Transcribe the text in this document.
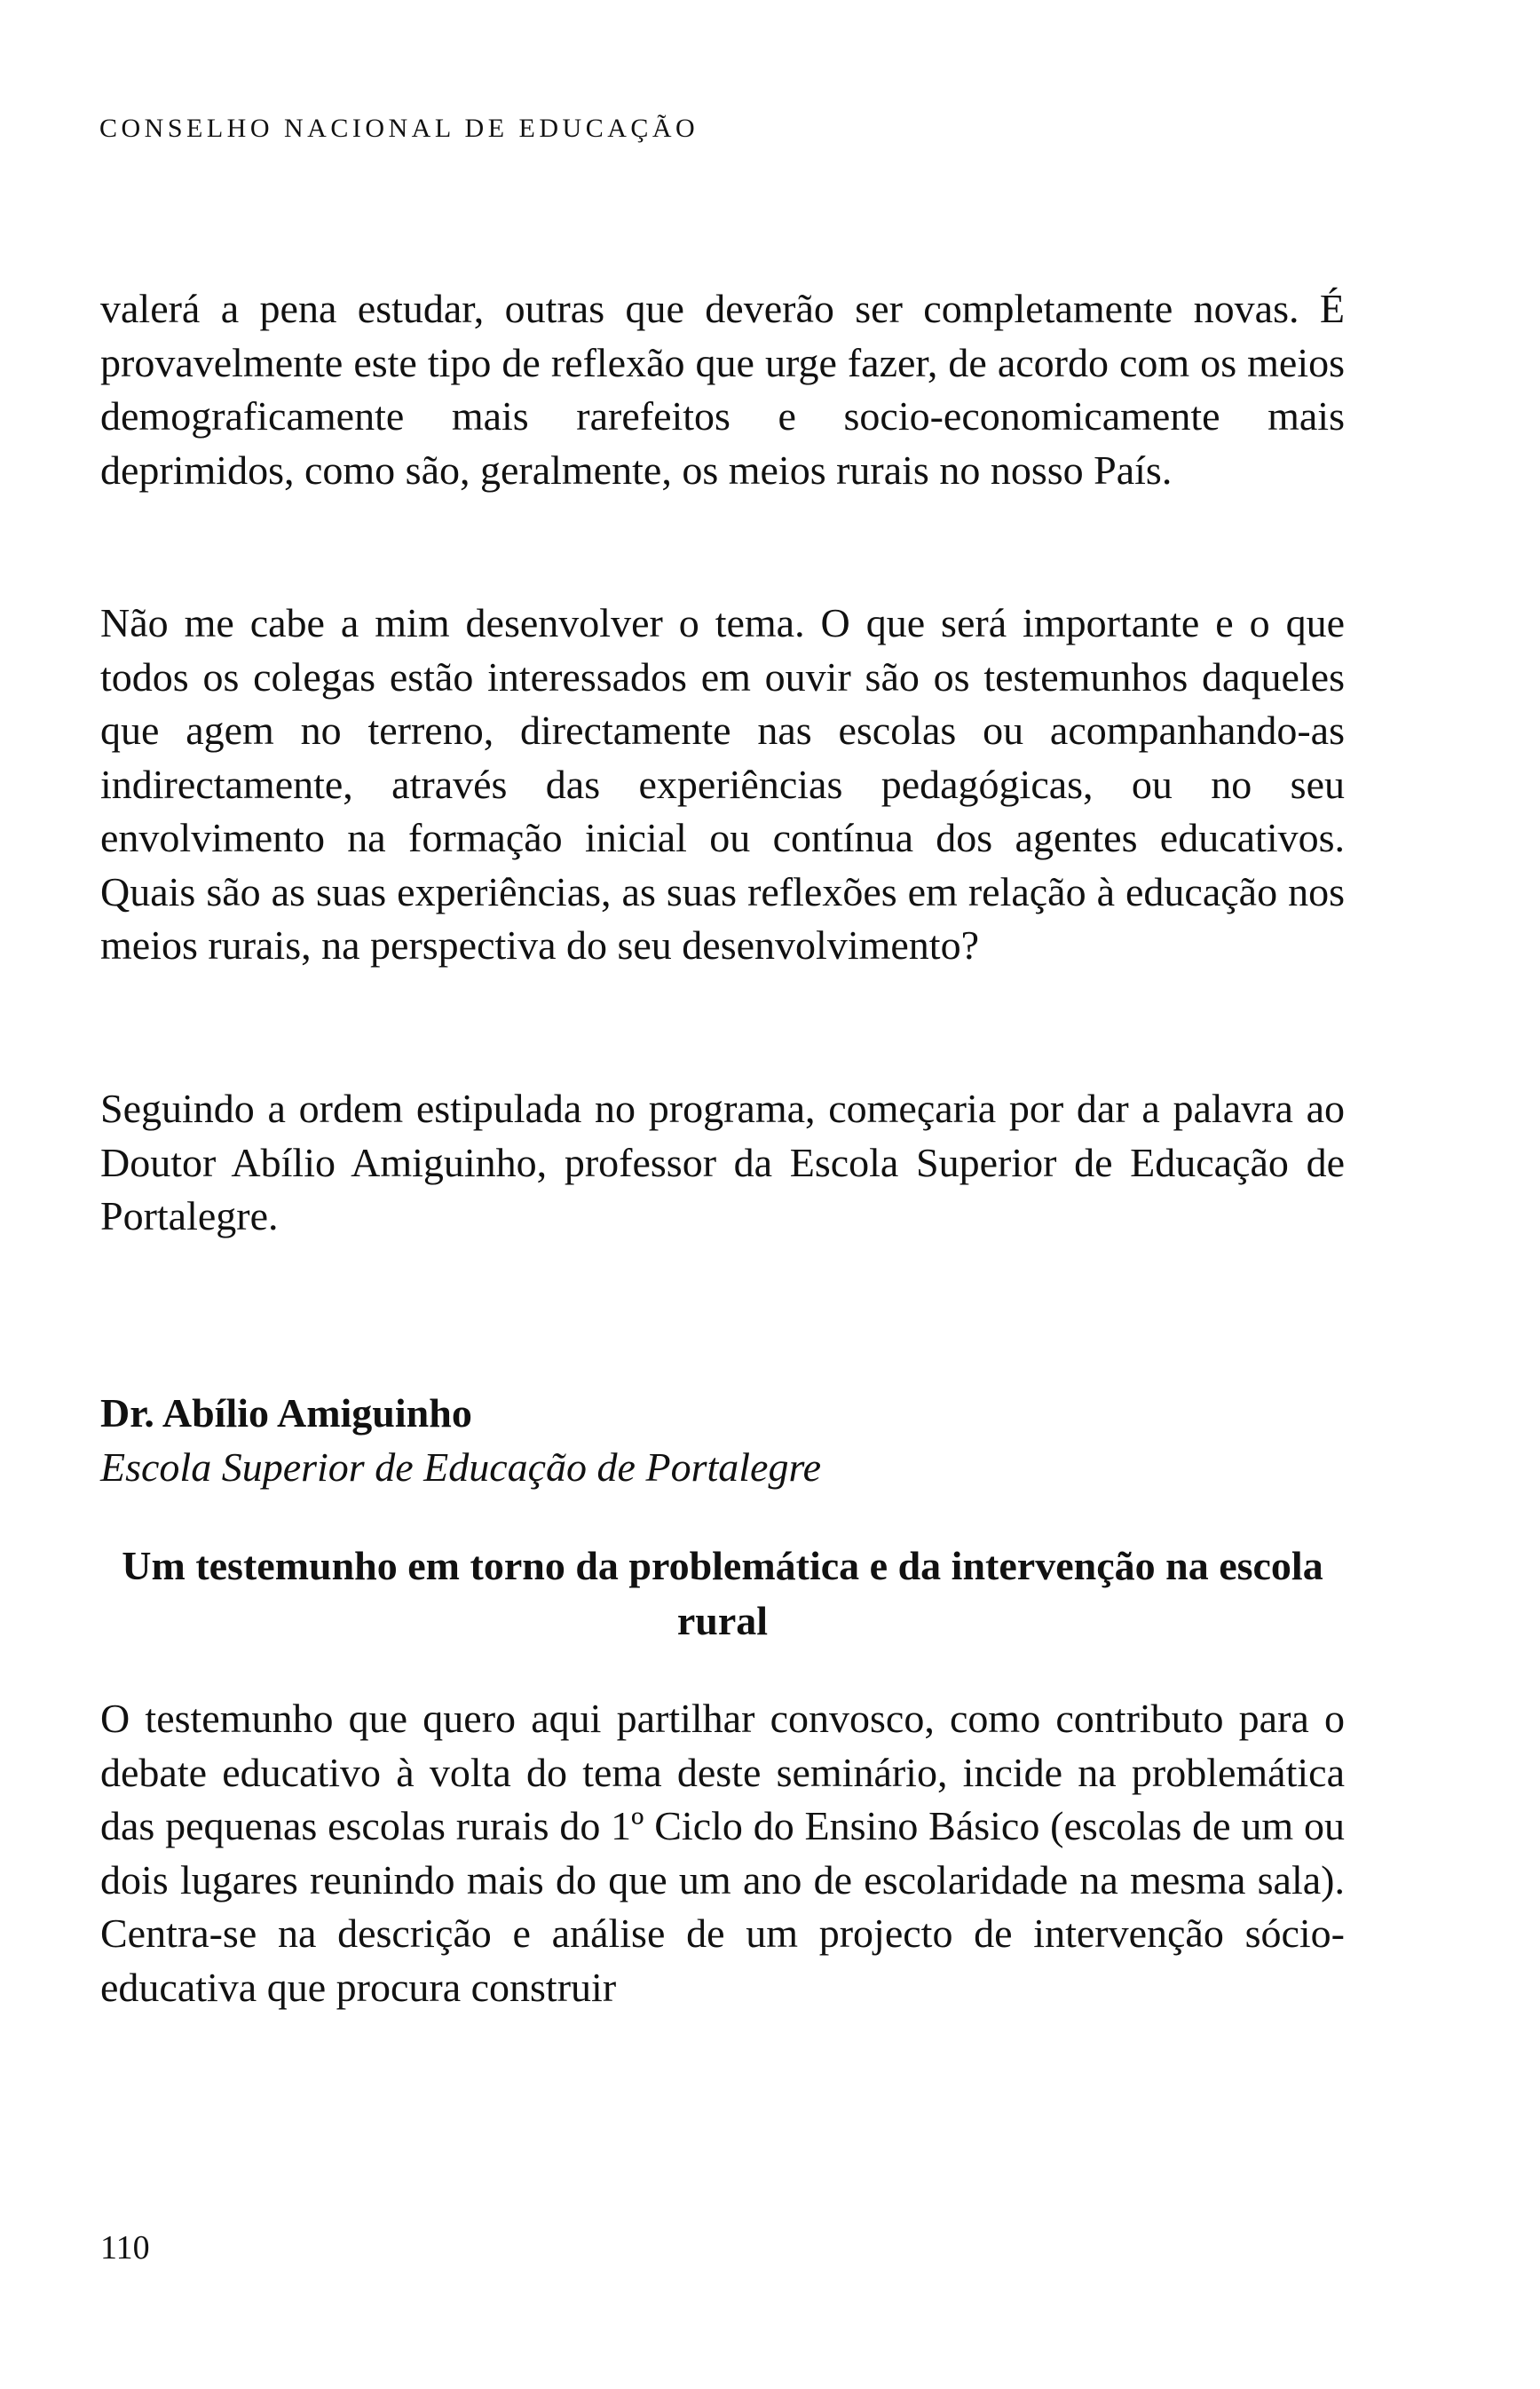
CONSELHO NACIONAL DE EDUCAÇÃO

valerá a pena estudar, outras que deverão ser completamente novas. É provavelmente este tipo de reflexão que urge fazer, de acordo com os meios demograficamente mais rarefeitos e socio-economicamente mais deprimidos, como são, geralmente, os meios rurais no nosso País.

Não me cabe a mim desenvolver o tema. O que será importante e o que todos os colegas estão interessados em ouvir são os testemunhos daqueles que agem no terreno, directamente nas escolas ou acompanhando-as indirectamente, através das experiências pedagógicas, ou no seu envolvimento na formação inicial ou contínua dos agentes educativos. Quais são as suas experiências, as suas reflexões em relação à educação nos meios rurais, na perspectiva do seu desenvolvimento?

Seguindo a ordem estipulada no programa, começaria por dar a palavra ao Doutor Abílio Amiguinho, professor da Escola Superior de Educação de Portalegre.

Dr. Abílio Amiguinho
Escola Superior de Educação de Portalegre
Um testemunho em torno da problemática e da intervenção na escola rural

O testemunho que quero aqui partilhar convosco, como contributo para o debate educativo à volta do tema deste seminário, incide na problemática das pequenas escolas rurais do 1º Ciclo do Ensino Básico (escolas de um ou dois lugares reunindo mais do que um ano de escolaridade na mesma sala). Centra-se na descrição e análise de um projecto de intervenção sócio-educativa que procura construir

110
